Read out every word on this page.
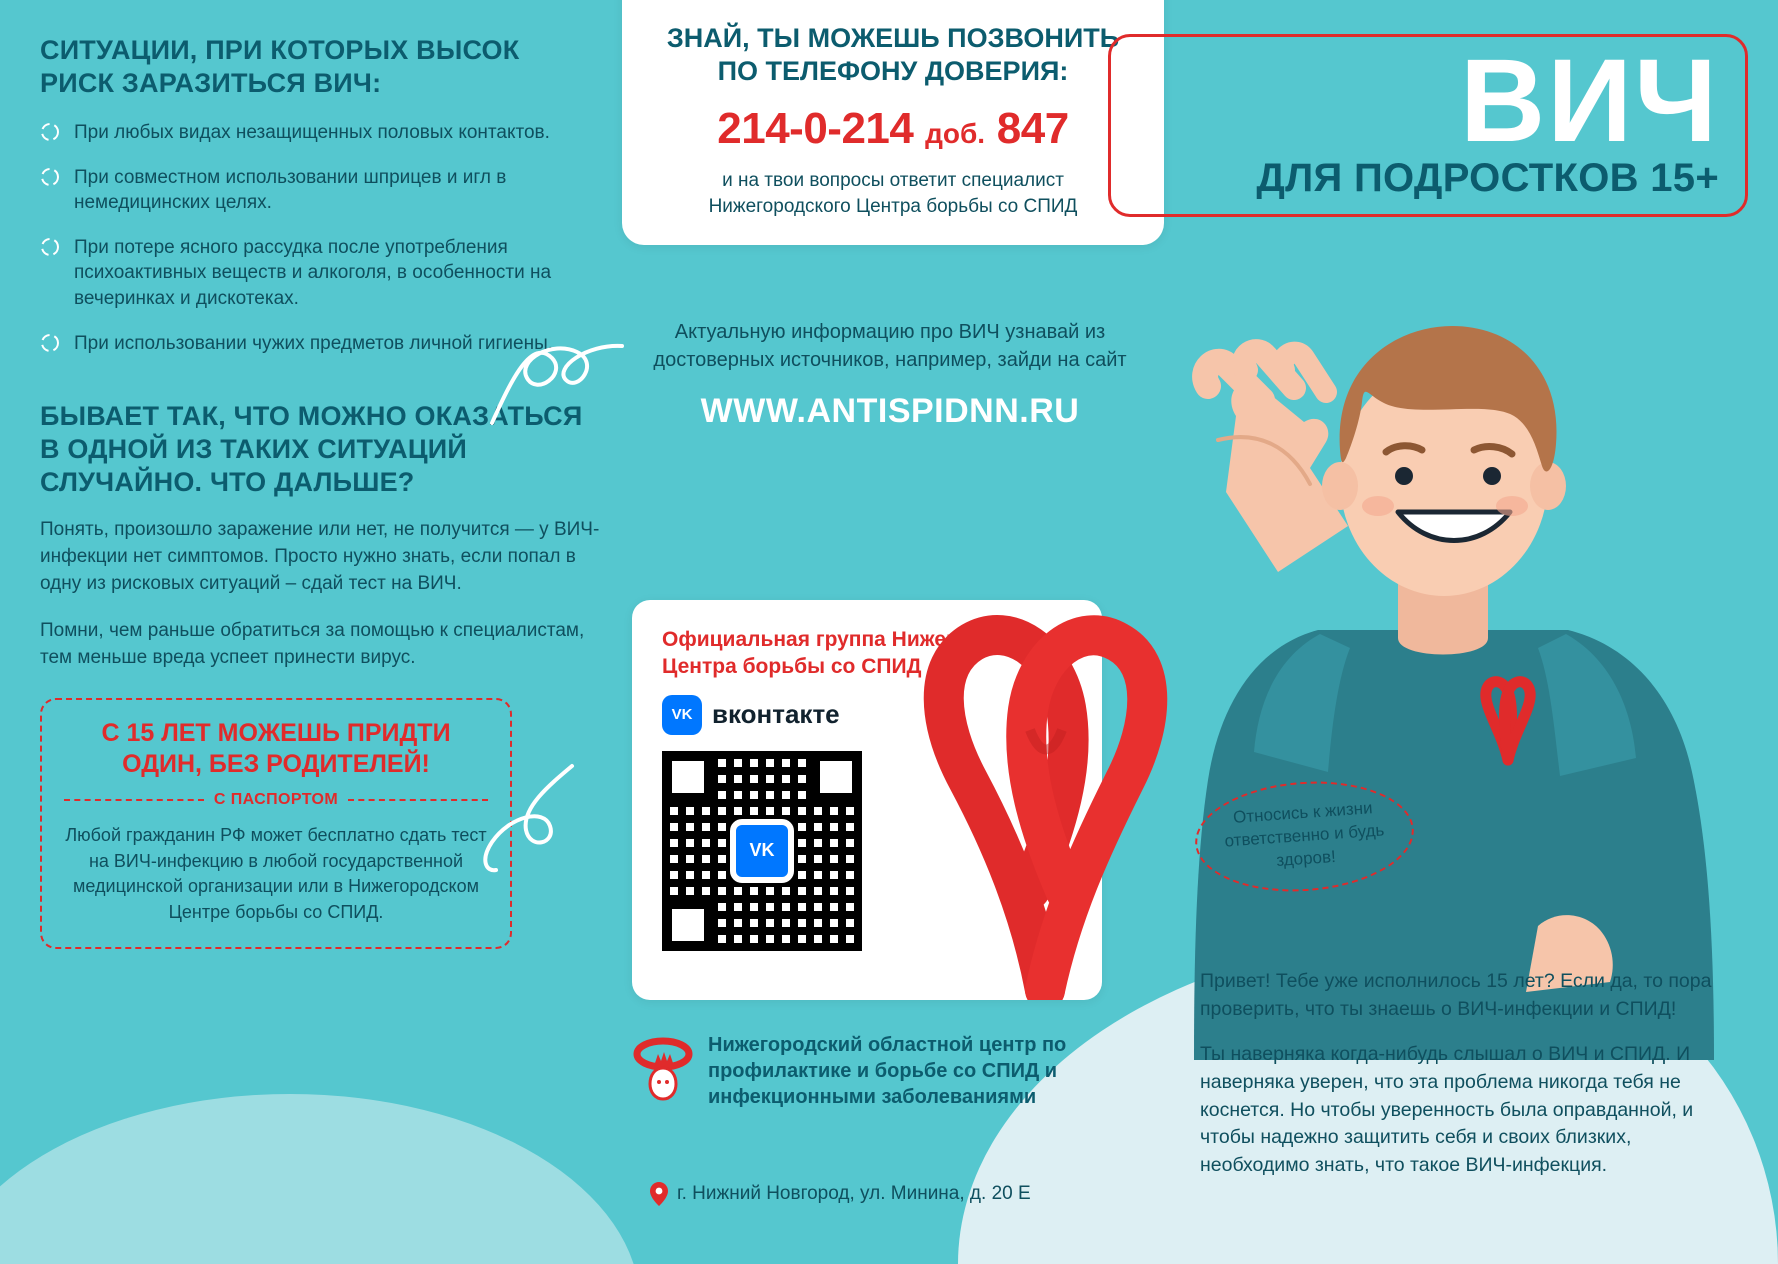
СИТУАЦИИ, ПРИ КОТОРЫХ ВЫСОК РИСК ЗАРАЗИТЬСЯ ВИЧ:
При любых видах незащищенных половых контактов.
При совместном использовании шприцев и игл в немедицинских целях.
При потере ясного рассудка после употребления психоактивных веществ и алкоголя, в особенности на вечеринках и дискотеках.
При использовании чужих предметов личной гигиены.
БЫВАЕТ ТАК, ЧТО МОЖНО ОКАЗАТЬСЯ В ОДНОЙ ИЗ ТАКИХ СИТУАЦИЙ СЛУЧАЙНО. ЧТО ДАЛЬШЕ?

Понять, произошло заражение или нет, не получится — у ВИЧ-инфекции нет симптомов. Просто нужно знать, если попал в одну из рисковых ситуаций – сдай тест на ВИЧ.

Помни, чем раньше обратиться за помощью к специалистам, тем меньше вреда успеет принести вирус.

С 15 ЛЕТ МОЖЕШЬ ПРИДТИ ОДИН, БЕЗ РОДИТЕЛЕЙ!
С ПАСПОРТОМ
Любой гражданин РФ может бесплатно сдать тест на ВИЧ-инфекцию в любой государственной медицинской организации или в Нижегородском Центре борьбы со СПИД.
ЗНАЙ, ТЫ МОЖЕШЬ ПОЗВОНИТЬ ПО ТЕЛЕФОНУ ДОВЕРИЯ:
214-0-214 доб. 847

и на твои вопросы ответит специалист Нижегородского Центра борьбы со СПИД

Актуальную информацию про ВИЧ узнавай из достоверных источников, например, зайди на сайт

WWW.ANTISPIDNN.RU
Официальная группа Нижегородского Центра борьбы со СПИД
VK вконтакте
VK
Нижегородский областной центр по профилактике и борьбе со СПИД и инфекционными заболеваниями
г. Нижний Новгород, ул. Минина, д. 20 Е
ВИЧ
ДЛЯ ПОДРОСТКОВ 15+
Относись к жизни ответственно и будь здоров!

Привет! Тебе уже исполнилось 15 лет? Если да, то пора проверить, что ты знаешь о ВИЧ-инфекции и СПИД!

Ты наверняка когда-нибудь слышал о ВИЧ и СПИД. И наверняка уверен, что эта проблема никогда тебя не коснется. Но чтобы уверенность была оправданной, и чтобы надежно защитить себя и своих близких, необходимо знать, что такое ВИЧ-инфекция.
